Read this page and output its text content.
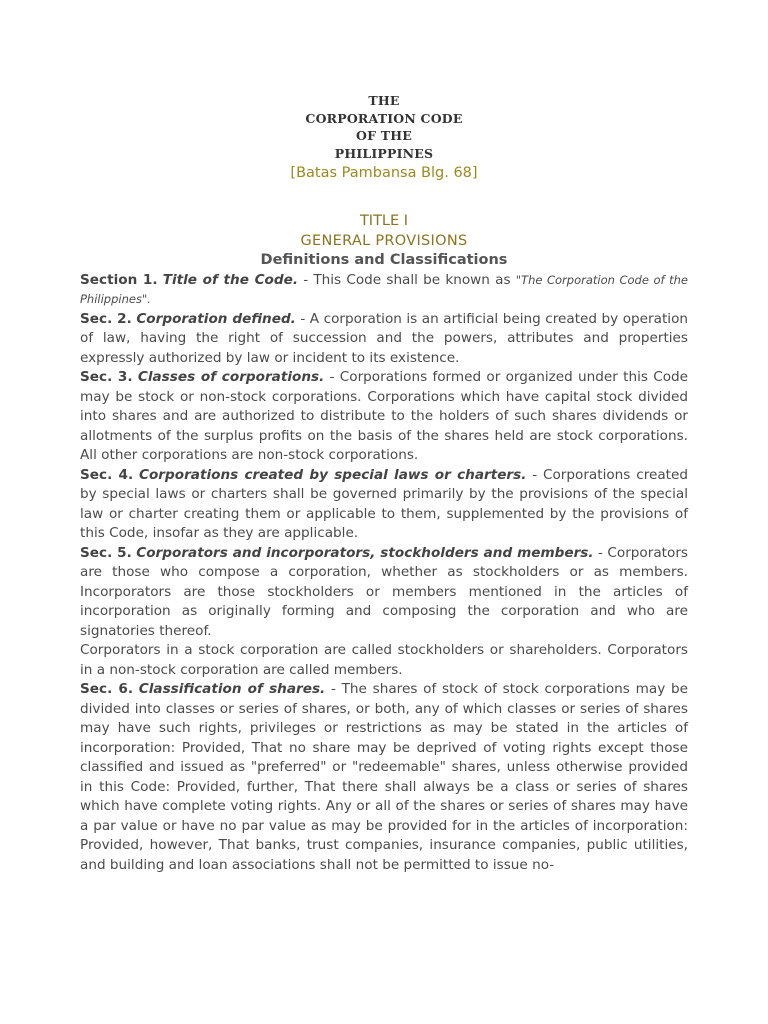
THE
CORPORATION CODE
OF THE
PHILIPPINES
[Batas Pambansa Blg. 68]
TITLE I
GENERAL PROVISIONS
Definitions and Classifications

Section 1. Title of the Code. - This Code shall be known as "The Corporation Code of the Philippines".

Sec. 2. Corporation defined. - A corporation is an artificial being created by operation of law, having the right of succession and the powers, attributes and properties expressly authorized by law or incident to its existence.

Sec. 3. Classes of corporations. - Corporations formed or organized under this Code may be stock or non-stock corporations. Corporations which have capital stock divided into shares and are authorized to distribute to the holders of such shares dividends or allotments of the surplus profits on the basis of the shares held are stock corporations. All other corporations are non-stock corporations.

Sec. 4. Corporations created by special laws or charters. - Corporations created by special laws or charters shall be governed primarily by the provisions of the special law or charter creating them or applicable to them, supplemented by the provisions of this Code, insofar as they are applicable.

Sec. 5. Corporators and incorporators, stockholders and members. - Corporators are those who compose a corporation, whether as stockholders or as members. Incorporators are those stockholders or members mentioned in the articles of incorporation as originally forming and composing the corporation and who are signatories thereof.

Corporators in a stock corporation are called stockholders or shareholders. Corporators in a non-stock corporation are called members.

Sec. 6. Classification of shares. - The shares of stock of stock corporations may be divided into classes or series of shares, or both, any of which classes or series of shares may have such rights, privileges or restrictions as may be stated in the articles of incorporation: Provided, That no share may be deprived of voting rights except those classified and issued as "preferred" or "redeemable" shares, unless otherwise provided in this Code: Provided, further, That there shall always be a class or series of shares which have complete voting rights. Any or all of the shares or series of shares may have a par value or have no par value as may be provided for in the articles of incorporation: Provided, however, That banks, trust companies, insurance companies, public utilities, and building and loan associations shall not be permitted to issue no-
